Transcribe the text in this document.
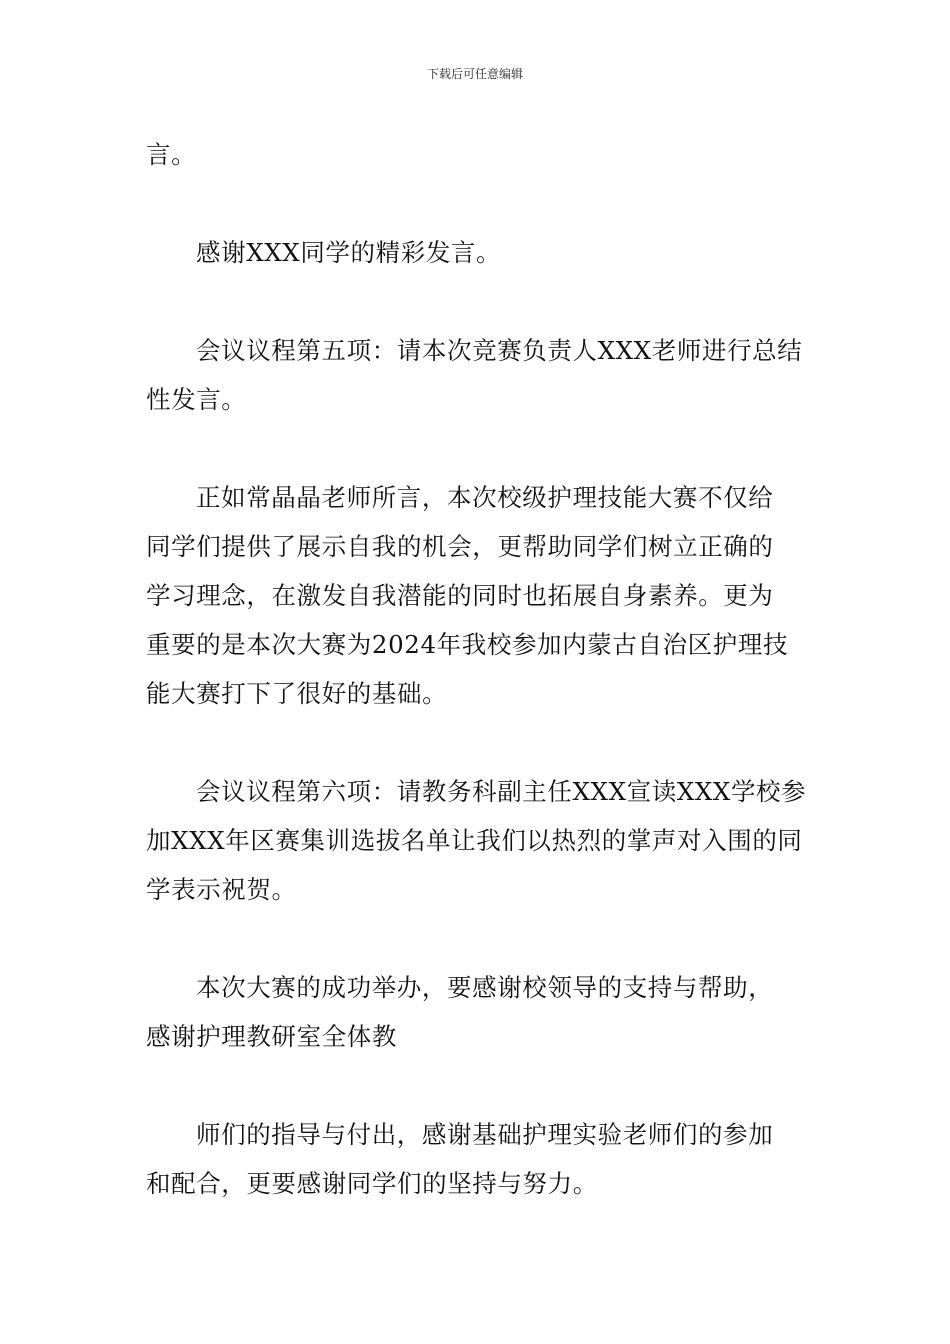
下载后可任意编辑

言。

感谢XXX同学的精彩发言。

会议议程第五项：请本次竞赛负责人XXX老师进行总结
性发言。

正如常晶晶老师所言，本次校级护理技能大赛不仅给
同学们提供了展示自我的机会，更帮助同学们树立正确的
学习理念，在激发自我潜能的同时也拓展自身素养。更为
重要的是本次大赛为2024年我校参加内蒙古自治区护理技
能大赛打下了很好的基础。

会议议程第六项：请教务科副主任XXX宣读XXX学校参
加XXX年区赛集训选拔名单让我们以热烈的掌声对入围的同
学表示祝贺。

本次大赛的成功举办，要感谢校领导的支持与帮助，
感谢护理教研室全体教

师们的指导与付出，感谢基础护理实验老师们的参加
和配合，更要感谢同学们的坚持与努力。
